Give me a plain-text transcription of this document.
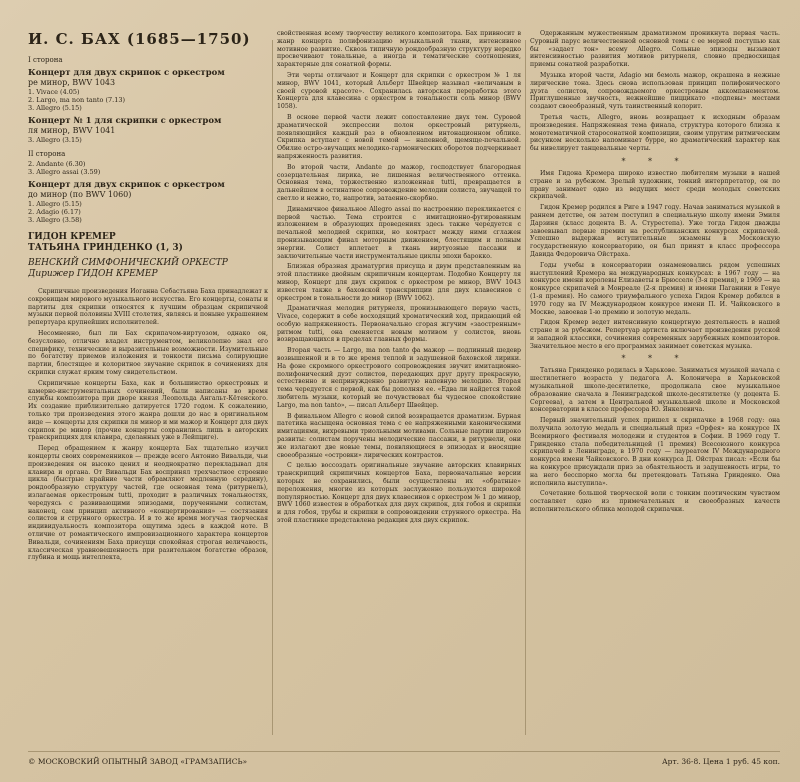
И. С. БАХ (1685—1750)
I сторона
Концерт для двух скрипок с оркестром
ре минор, BWV 1043
1. Vivace (4.05)
2. Largo, ma non tanto (7.13)
3. Allegro (5.15)
Концерт № 1 для скрипки с оркестром
ля минор, BWV 1041
3. Allegro (3.15)
II сторона
2. Andante (6.30)
3. Allegro assai (3.59)
Концерт для двух скрипок с оркестром
до минор (по BWV 1060)
1. Allegro (5.15)
2. Adagio (6.17)
3. Allegro (3.58)
ГИДОН КРЕМЕР
ТАТЬЯНА ГРИНДЕНКО (1, 3)
ВЕНСКИЙ СИМФОНИЧЕСКИЙ ОРКЕСТР
Дирижер ГИДОН КРЕМЕР

Скрипичные произведения Иоганна Себастьяна Баха принадлежат к сокровищам мирового музыкального искусства. Его концерты, сонаты и партиты для скрипки относятся к лучшим образцам скрипичной музыки первой половины XVIII столетия, являясь и поныне украшением репертуара крупнейших исполнителей.

Несомненно, был ли Бах скрипачом-виртуозом, однако он, безусловно, отлично владел инструментом, великолепно знал его специфику, технические и выразительные возможности. Изумительные по богатству приемов изложения и тонкости письма солирующие партии, блестящее и колоритное звучание скрипок в сочинениях для скрипки служат ярким тому свидетельством.

Скрипичные концерты Баха, как и большинство оркестровых и камерно-инструментальных сочинений, были написаны во время службы композитора при дворе князя Леопольда Ангальт-Кётенского. Их создание приблизительно датируется 1720 годом. К сожалению, только три произведения этого жанра дошли до нас в оригинальном виде — концерты для скрипки ля минор и ми мажор и Концерт для двух скрипок ре минор (прочие концерты сохранились лишь в авторских транскрипциях для клавира, сделанных уже в Лейпциге).

Перед обращением к жанру концерта Бах тщательно изучил концерты своих современников — прежде всего Антонио Вивальди, чьи произведения он высоко ценил и неоднократно перекладывал для клавира и органа. От Вивальди Бах воспринял трехчастное строение цикла (быстрые крайние части обрамляют медленную середину), рондообразную структуру частей, где основная тема (ритурнель), излагаемая оркестровым tutti, проходит в различных тональностях, чередуясь с развивающими эпизодами, порученными солистам, наконец, сам принцип активного «концертирования» — состязания солистов и струнного оркестра. И в то же время могучая творческая индивидуальность композитора ощутима здесь в каждой ноте. В отличие от романтического импровизационного характера концертов Вивальди, сочинениям Баха присущи спокойная строгая величавость, классическая уравновешенность при разительном богатстве образов, глубина и мощь интеллекта,

свойственная всему творчеству великого композитора. Бах привносит в жанр концерта полифонизацию музыкальной ткани, интенсивное мотивное развитие. Сквозь типичную рондообразную структуру нередко просвечивают тональные, а иногда и тематические соотношения, характерные для сонатной формы.

Эти черты отличают и Концерт для скрипки с оркестром № 1 ля минор, BWV 1041, который Альберт Швейцер называл «величавым в своей суровой красоте». Сохранилась авторская переработка этого Концерта для клавесина с оркестром в тональности соль минор (BWV 1058).

В основе первой части лежит сопоставление двух тем. Суровой драматической экспрессии полон оркестровый ритурнель, появляющийся каждый раз в обновленном интонационном облике. Скрипка вступает с новой темой — напевной, щемяще-печальной. Обилие остро-звучащих мелодико-гармонических оборотов подчеркивает напряженность развития.

Во второй части, Andante до мажор, господствует благородная созерцательная лирика, не лишенная величественного оттенка. Основная тема, торжественно изложенная tutti, превращается в дальнейшем в остинатное сопровождение мелодии солиста, звучащей то светло и нежно, то, напротив, затаенно-скорбно.

Динамичное финальное Allegro assai по настроению перекликается с первой частью. Тема строится с имитационно-фугированным изложением в образующих проведениях здесь также чередуется с печальной мелодией скрипки, но контраст между ними сглажен пронизывающим финал моторным движением, блестящим и полным энергии. Солист вплетает в ткань виртуозные пассажи и заключительные части инструментальные циклы эпохи барокко.

Близкая образная драматургия присуща и двум представленным на этой пластинке двойным скрипичным концертам. Подобно Концерту ля минор, Концерт для двух скрипок с оркестром ре минор, BWV 1043 известен также в баховской транскрипции для двух клавесинов с оркестром в тональности до минор (BWV 1062).

Драматичная мелодия ритурнеля, пронизывающего первую часть, Vivace, содержит в себе восходящий хроматический ход, придающий ей особую напряженность. Первоначально сгорая жгучим «заостренным» ритмом tutti, она сменяется новым мотивом у солистов, вновь возвращающихся в пределах главных формы.

Вторая часть — Largo, ma non tanto фа мажор — подлинный шедевр возвышенной и в то же время теплой и задушевной баховской лирики. На фоне скромного оркестрового сопровождения звучит имитационно-полифонический дуэт солистов, передающих друг другу прекрасную, естественно и непринужденно развитую напевную мелодию. Вторая тема чередуется с первой, как бы дополняя ее. «Едва ли найдется такой любитель музыки, который не почувствовал бы чудесное спокойствие Largo, ma non tanto», — писал Альберт Швейцер.

В финальном Allegro с новой силой возвращается драматизм. Бурная патетика насыщена основная тема с ее напряженными каноническими имитациями, вихревыми триольными мотивами. Сольные партии широко развиты: солистам поручены мелодические пассажи, в ритурнели, они же излагают две новые темы, появляющиеся в эпизодах и вносящие своеобразные «островки» лирических контрастов.

С целью воссоздать оригинальные звучание авторских клавирных транскрипций скрипичных концертов Баха, первоначальные версии которых не сохранились, были осуществлены их «обратные» переложения, многие из которых заслуженно пользуются широкой популярностью. Концерт для двух клавесинов с оркестром № 1 до минор, BWV 1060 известен в обработках для двух скрипок, для гобоя и скрипки и для гобоя, трубы и скрипки в сопровождении струнного оркестра. На этой пластинке представлена редакция для двух скрипок.

Одержанным мужественным драматизмом проникнута первая часть. Суровый парус величественной основной темы с ее мерной поступью как бы «задает тон» всему Allegro. Сольные эпизоды вызывают интенсивностью развития мотивов ритурнеля, словно предвосхищая приемы сонатной разработки.

Музыка второй части, Adagio ми бемоль мажор, окрашена в нежные лирические тона. Здесь снова использован принцип полифонического дуэта солистов, сопровождаемого оркестровым аккомпанементом. Приглушенные звучность, нежнейшие пиццикато «подпевы» местами создают своеобразный, чуть таинственный колорит.

Третья часть, Allegro, вновь возвращает к исходным образам произведения. Напряженная тема финала, структура которого близка к монотематичной старосонатной композиции, своим упругим ритмическим рисунком несколько напоминает бурре, но драматический характер как бы нивелирует танцевальные черты.

* * *

Имя Гидона Кремера широко известно любителям музыки в нашей стране и за рубежом. Зрелый художник, тонкий интерпретатор, он по праву занимает одно из ведущих мест среди молодых советских скрипачей.

Гидон Кремер родился в Риге в 1947 году. Начав заниматься музыкой в раннем детстве, он затем поступил в специальную школу имени Эмиля Дарзиня (класс доцента В. А. Стурестепа). Уже тогда Гидон дважды завоевывал первые премии на республиканских конкурсах скрипачей. Успешно выдержав вступительные экзамены в Московскую государственную консерваторию, он был принят в класс профессора Давида Федоровича Ойстраха.

Годы учебы в консерватории ознаменовались рядом успешных выступлений Кремера на международных конкурсах: в 1967 году — на конкурсе имени королевы Елизаветы в Брюсселе (3-я премия), в 1969 — на конкурсе скрипачей в Монреале (2-я премия) и имени Паганини в Генуе (1-я премия). Но самого триумфального успеха Гидон Кремер добился в 1970 году на IV Международном конкурсе имени П. И. Чайковского в Москве, завоевав 1-ю премию и золотую медаль.

Гидон Кремер ведет интенсивную концертную деятельность в нашей стране и за рубежом. Репертуар артиста включает произведения русской и западной классики, сочинения современных зарубежных композиторов. Значительное место в его программах занимает советская музыка.

* * *

Татьяна Гринденко родилась в Харькове. Заниматься музыкой начала с шестилетнего возраста у педагога А. Колоничера в Харьковской музыкальной школе-десятилетке, продолжала свое музыкальное образование сначала в Ленинградской школе-десятилетке (у доцента Б. Сергеева), а затем в Центральной музыкальной школе и Московской консерватории в классе профессора Ю. Янкелевича.

Первый значительный успех пришел к скрипачке в 1968 году: она получила золотую медаль и специальный приз «Орфея» на конкурсе IX Всемирного фестиваля молодежи и студентов в Софии. В 1969 году Т. Гринденко стала победительницей (1 премия) Всесоюзного конкурса скрипачей в Ленинграде, в 1970 году — лауреатом IV Международного конкурса имени Чайковского. В дни конкурса Д. Ойстрах писал: «Если бы на конкурсе присуждали приз за обаятельность и задушевность игры, то на него бесспорно могла бы претендовать Татьяна Гринденко. Она исполнила выступила».

Сочетание большой творческой воли с тонким поэтическим чувством составляет одно из примечательных и своеобразных качеств исполнительского облика молодой скрипачки.

© МОСКОВСКИЙ ОПЫТНЫЙ ЗАВОД «ГРАМЗАПИСЬ»	Арт. 36-8. Цена 1 руб. 45 коп.
